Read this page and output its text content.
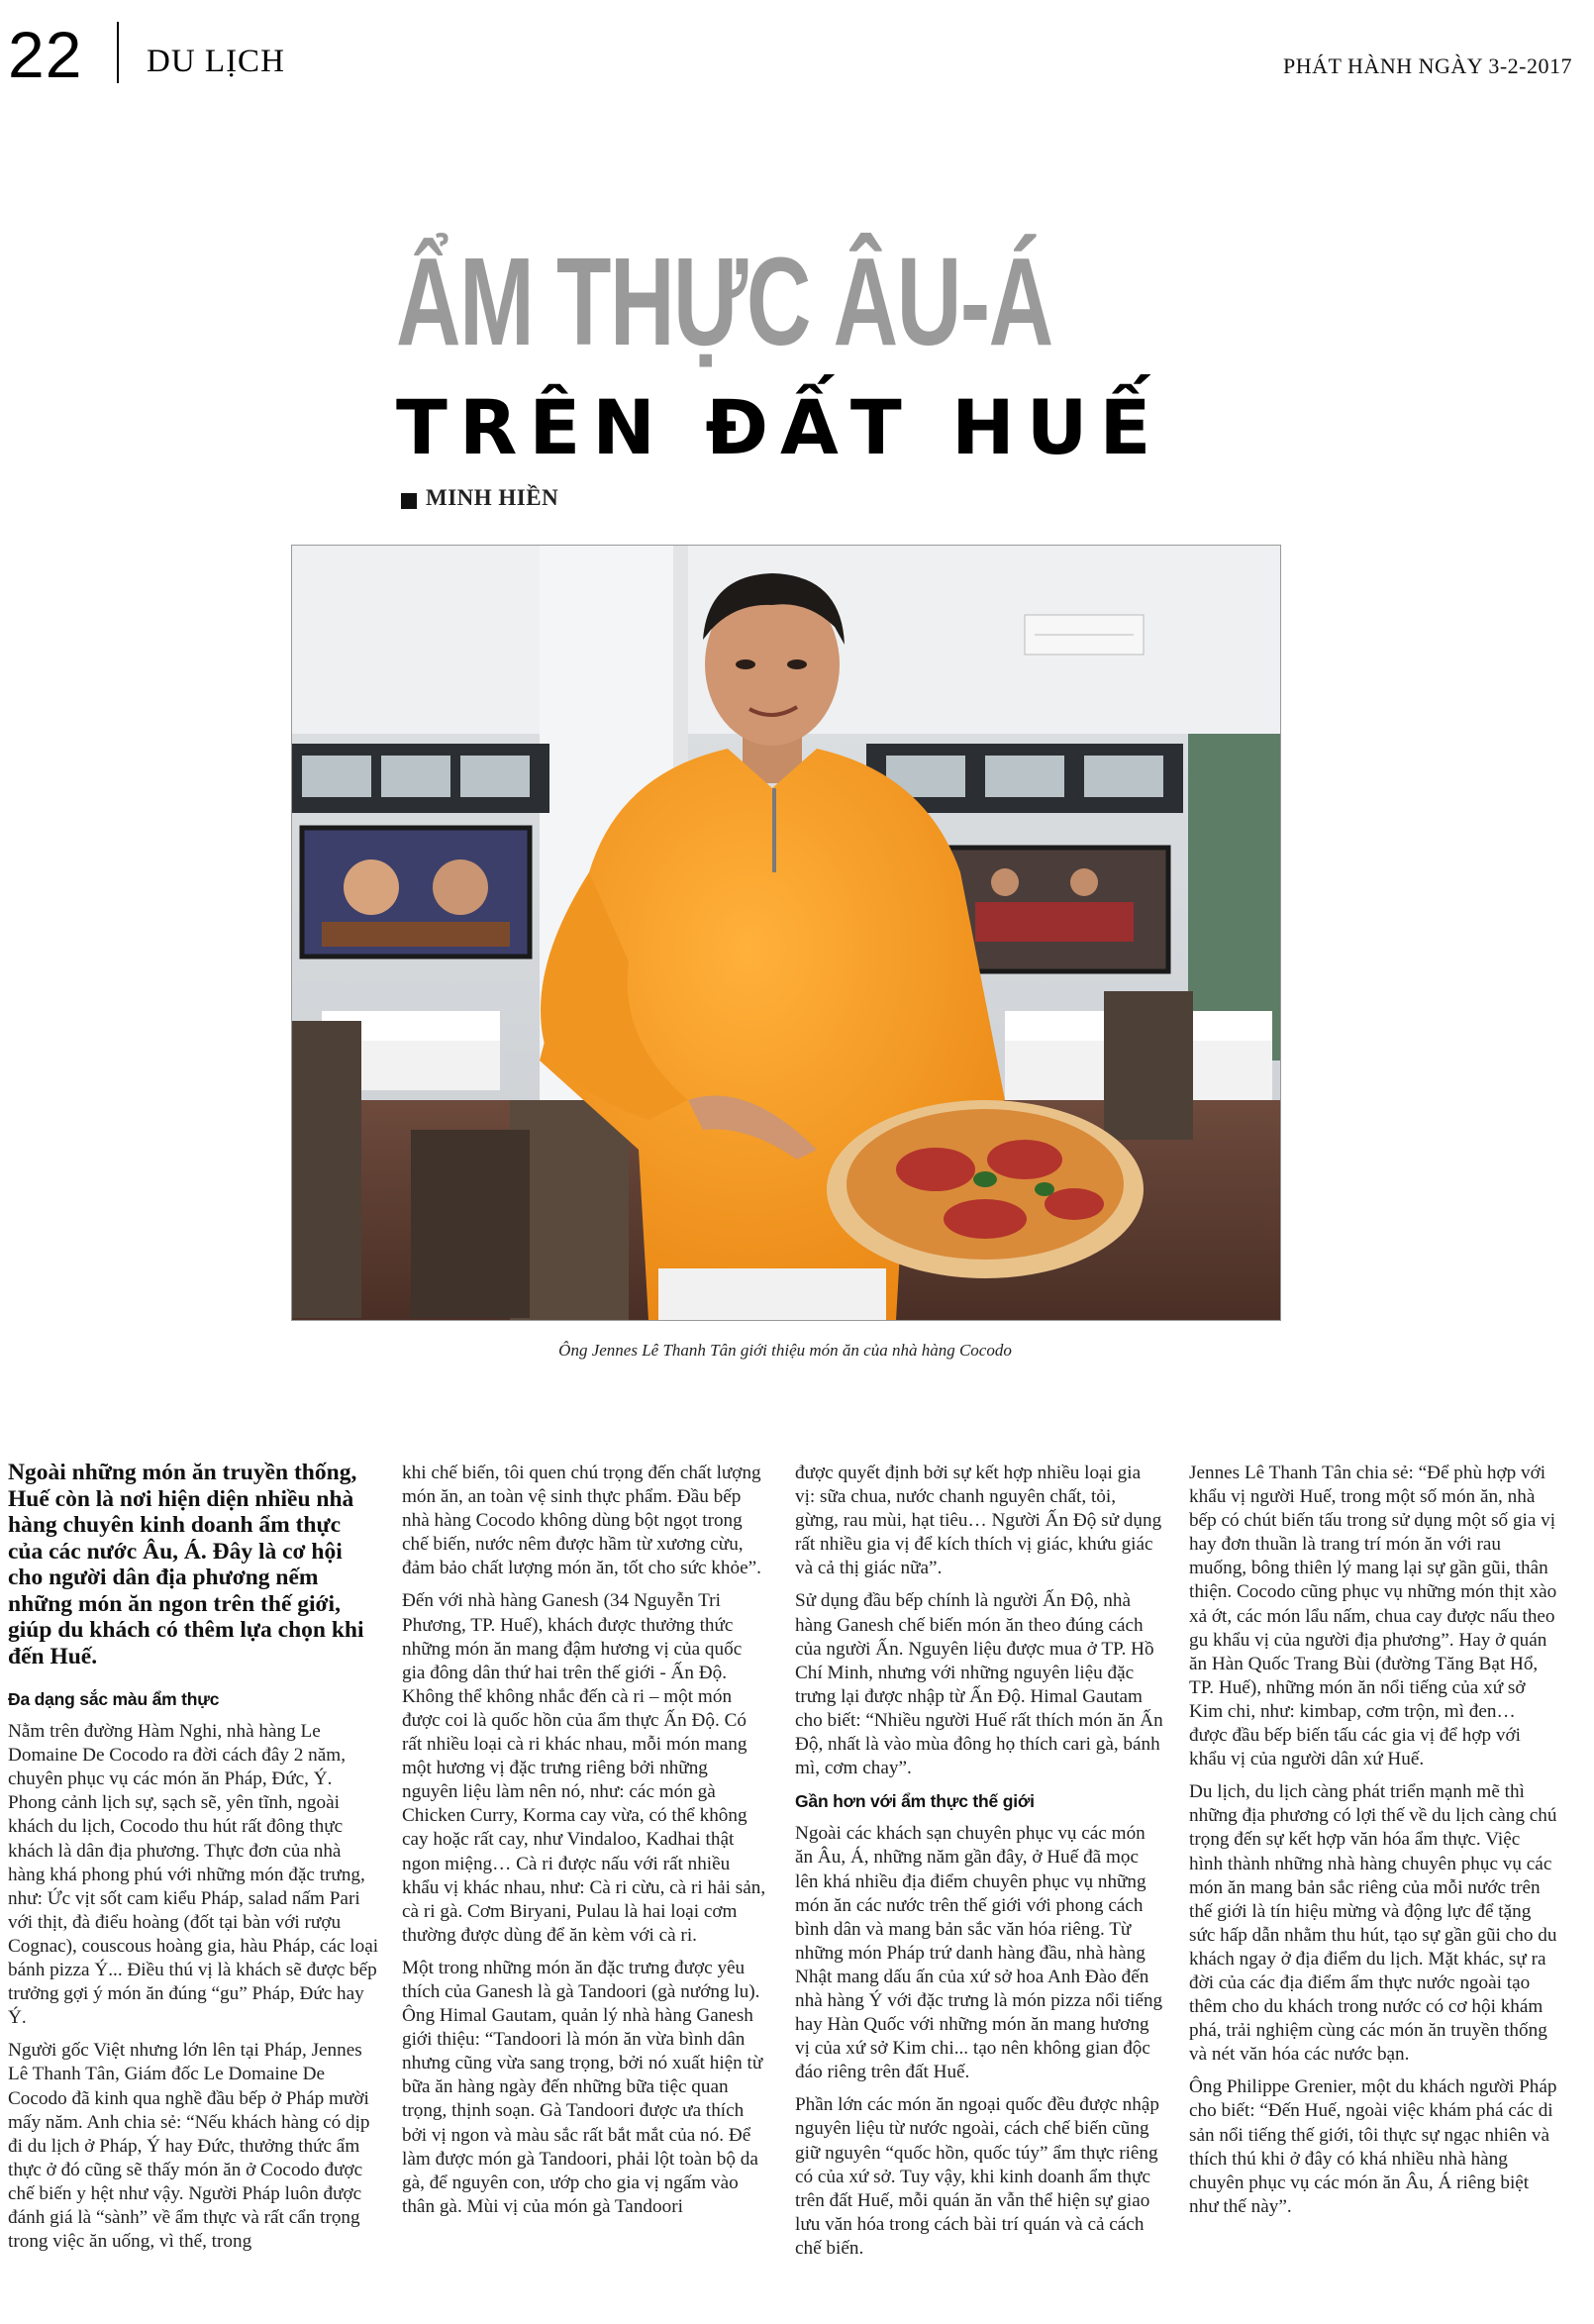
22 DU LỊCH	PHÁT HÀNH NGÀY 3-2-2017
ẨM THỰC ÂU-Á
TRÊN ĐẤT HUẾ
MINH HIỀN
Ông Jennes Lê Thanh Tân giới thiệu món ăn của nhà hàng Cocodo
Ngoài những món ăn truyền thống, Huế còn là nơi hiện diện nhiều nhà hàng chuyên kinh doanh ẩm thực của các nước Âu, Á. Đây là cơ hội cho người dân địa phương nếm những món ăn ngon trên thế giới, giúp du khách có thêm lựa chọn khi đến Huế.
Đa dạng sắc màu ẩm thực

Nằm trên đường Hàm Nghi, nhà hàng Le Domaine De Cocodo ra đời cách đây 2 năm, chuyên phục vụ các món ăn Pháp, Đức, Ý. Phong cảnh lịch sự, sạch sẽ, yên tĩnh, ngoài khách du lịch, Cocodo thu hút rất đông thực khách là dân địa phương. Thực đơn của nhà hàng khá phong phú với những món đặc trưng, như: Ức vịt sốt cam kiểu Pháp, salad nấm Pari với thịt, đà điểu hoàng (đốt tại bàn với rượu Cognac), couscous hoàng gia, hàu Pháp, các loại bánh pizza Ý... Điều thú vị là khách sẽ được bếp trưởng gợi ý món ăn đúng “gu” Pháp, Đức hay Ý.

Người gốc Việt nhưng lớn lên tại Pháp, Jennes Lê Thanh Tân, Giám đốc Le Domaine De Cocodo đã kinh qua nghề đầu bếp ở Pháp mười mấy năm. Anh chia sẻ: “Nếu khách hàng có dịp đi du lịch ở Pháp, Ý hay Đức, thưởng thức ẩm thực ở đó cũng sẽ thấy món ăn ở Cocodo được chế biến y hệt như vậy. Người Pháp luôn được đánh giá là “sành” về ẩm thực và rất cẩn trọng trong việc ăn uống, vì thế, trong

khi chế biến, tôi quen chú trọng đến chất lượng món ăn, an toàn vệ sinh thực phẩm. Đầu bếp nhà hàng Cocodo không dùng bột ngọt trong chế biến, nước nêm được hầm từ xương cừu, đảm bảo chất lượng món ăn, tốt cho sức khỏe”.

Đến với nhà hàng Ganesh (34 Nguyễn Tri Phương, TP. Huế), khách được thưởng thức những món ăn mang đậm hương vị của quốc gia đông dân thứ hai trên thế giới - Ấn Độ. Không thể không nhắc đến cà ri – một món được coi là quốc hồn của ẩm thực Ấn Độ. Có rất nhiều loại cà ri khác nhau, mỗi món mang một hương vị đặc trưng riêng bởi những nguyên liệu làm nên nó, như: các món gà Chicken Curry, Korma cay vừa, có thể không cay hoặc rất cay, như Vindaloo, Kadhai thật ngon miệng… Cà ri được nấu với rất nhiều khẩu vị khác nhau, như: Cà ri cừu, cà ri hải sản, cà ri gà. Cơm Biryani, Pulau là hai loại cơm thường được dùng để ăn kèm với cà ri.

Một trong những món ăn đặc trưng được yêu thích của Ganesh là gà Tandoori (gà nướng lu). Ông Himal Gautam, quản lý nhà hàng Ganesh giới thiệu: “Tandoori là món ăn vừa bình dân nhưng cũng vừa sang trọng, bởi nó xuất hiện từ bữa ăn hàng ngày đến những bữa tiệc quan trọng, thịnh soạn. Gà Tandoori được ưa thích bởi vị ngon và màu sắc rất bắt mắt của nó. Để làm được món gà Tandoori, phải lột toàn bộ da gà, để nguyên con, ướp cho gia vị ngấm vào thân gà. Mùi vị của món gà Tandoori

được quyết định bởi sự kết hợp nhiều loại gia vị: sữa chua, nước chanh nguyên chất, tỏi, gừng, rau mùi, hạt tiêu… Người Ấn Độ sử dụng rất nhiều gia vị để kích thích vị giác, khứu giác và cả thị giác nữa”.

Sử dụng đầu bếp chính là người Ấn Độ, nhà hàng Ganesh chế biến món ăn theo đúng cách của người Ấn. Nguyên liệu được mua ở TP. Hồ Chí Minh, nhưng với những nguyên liệu đặc trưng lại được nhập từ Ấn Độ. Himal Gautam cho biết: “Nhiều người Huế rất thích món ăn Ấn Độ, nhất là vào mùa đông họ thích cari gà, bánh mì, cơm chay”.

Gần hơn với ẩm thực thế giới

Ngoài các khách sạn chuyên phục vụ các món ăn Âu, Á, những năm gần đây, ở Huế đã mọc lên khá nhiều địa điểm chuyên phục vụ những món ăn các nước trên thế giới với phong cách bình dân và mang bản sắc văn hóa riêng. Từ những món Pháp trứ danh hàng đầu, nhà hàng Nhật mang dấu ấn của xứ sở hoa Anh Đào đến nhà hàng Ý với đặc trưng là món pizza nổi tiếng hay Hàn Quốc với những món ăn mang hương vị của xứ sở Kim chi... tạo nên không gian độc đáo riêng trên đất Huế.

Phần lớn các món ăn ngoại quốc đều được nhập nguyên liệu từ nước ngoài, cách chế biến cũng giữ nguyên “quốc hồn, quốc túy” ẩm thực riêng có của xứ sở. Tuy vậy, khi kinh doanh ẩm thực trên đất Huế, mỗi quán ăn vẫn thể hiện sự giao lưu văn hóa trong cách bài trí quán và cả cách chế biến.

Jennes Lê Thanh Tân chia sẻ: “Để phù hợp với khẩu vị người Huế, trong một số món ăn, nhà bếp có chút biến tấu trong sử dụng một số gia vị hay đơn thuần là trang trí món ăn với rau muống, bông thiên lý mang lại sự gần gũi, thân thiện. Cocodo cũng phục vụ những món thịt xào xả ớt, các món lẩu nấm, chua cay được nấu theo gu khẩu vị của người địa phương”. Hay ở quán ăn Hàn Quốc Trang Bùi (đường Tăng Bạt Hổ, TP. Huế), những món ăn nổi tiếng của xứ sở Kim chi, như: kimbap, cơm trộn, mì đen… được đầu bếp biến tấu các gia vị để hợp với khẩu vị của người dân xứ Huế.

Du lịch, du lịch càng phát triển mạnh mẽ thì những địa phương có lợi thế về du lịch càng chú trọng đến sự kết hợp văn hóa ẩm thực. Việc hình thành những nhà hàng chuyên phục vụ các món ăn mang bản sắc riêng của mỗi nước trên thế giới là tín hiệu mừng và động lực để tặng sức hấp dẫn nhằm thu hút, tạo sự gần gũi cho du khách ngay ở địa điểm du lịch. Mặt khác, sự ra đời của các địa điểm ẩm thực nước ngoài tạo thêm cho du khách trong nước có cơ hội khám phá, trải nghiệm cùng các món ăn truyền thống và nét văn hóa các nước bạn.

Ông Philippe Grenier, một du khách người Pháp cho biết: “Đến Huế, ngoài việc khám phá các di sản nổi tiếng thế giới, tôi thực sự ngạc nhiên và thích thú khi ở đây có khá nhiều nhà hàng chuyên phục vụ các món ăn Âu, Á riêng biệt như thế này”.
